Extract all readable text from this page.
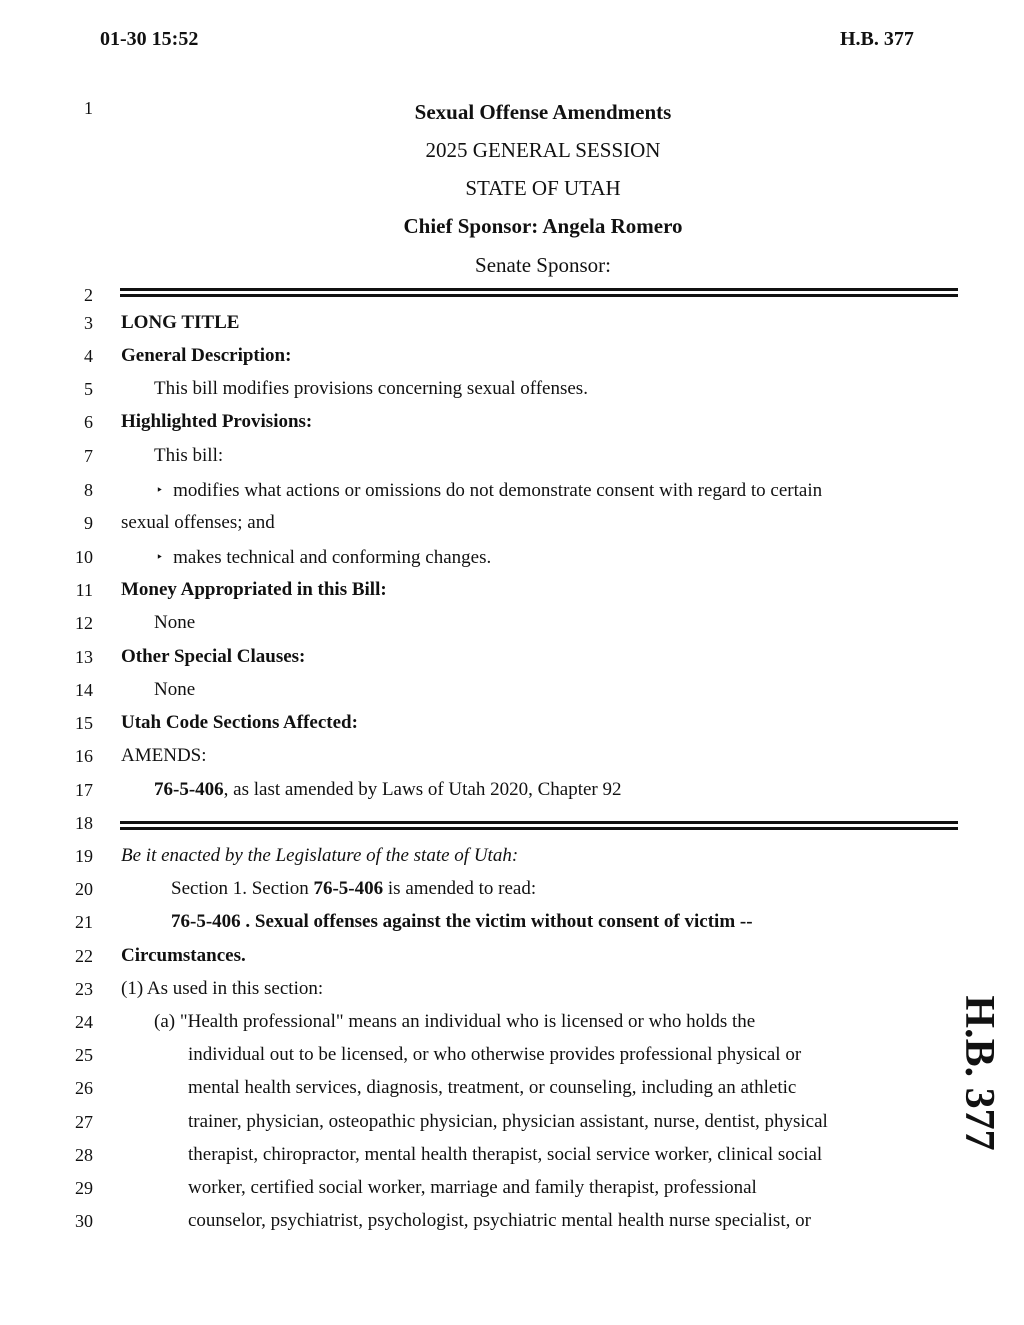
01-30 15:52	H.B. 377
1
2
3
4
5
6
7
8
9
10
11
12
13
14
15
16
17
18
19
20
21
22
23
24
25
26
27
28
29
30
Sexual Offense Amendments
2025 GENERAL SESSION
STATE OF UTAH
Chief Sponsor: Angela Romero
Senate Sponsor:
LONG TITLE
General Description:
This bill modifies provisions concerning sexual offenses.
Highlighted Provisions:
This bill:
‣ modifies what actions or omissions do not demonstrate consent with regard to certain
sexual offenses; and
‣ makes technical and conforming changes.
Money Appropriated in this Bill:
None
Other Special Clauses:
None
Utah Code Sections Affected:
AMENDS:
76-5-406, as last amended by Laws of Utah 2020, Chapter 92
Be it enacted by the Legislature of the state of Utah:
Section 1. Section 76-5-406 is amended to read:
76-5-406 . Sexual offenses against the victim without consent of victim --
Circumstances.
(1) As used in this section:
(a) "Health professional" means an individual who is licensed or who holds the
individual out to be licensed, or who otherwise provides professional physical or
mental health services, diagnosis, treatment, or counseling, including an athletic
trainer, physician, osteopathic physician, physician assistant, nurse, dentist, physical
therapist, chiropractor, mental health therapist, social service worker, clinical social
worker, certified social worker, marriage and family therapist, professional
counselor, psychiatrist, psychologist, psychiatric mental health nurse specialist, or
H.B. 377
